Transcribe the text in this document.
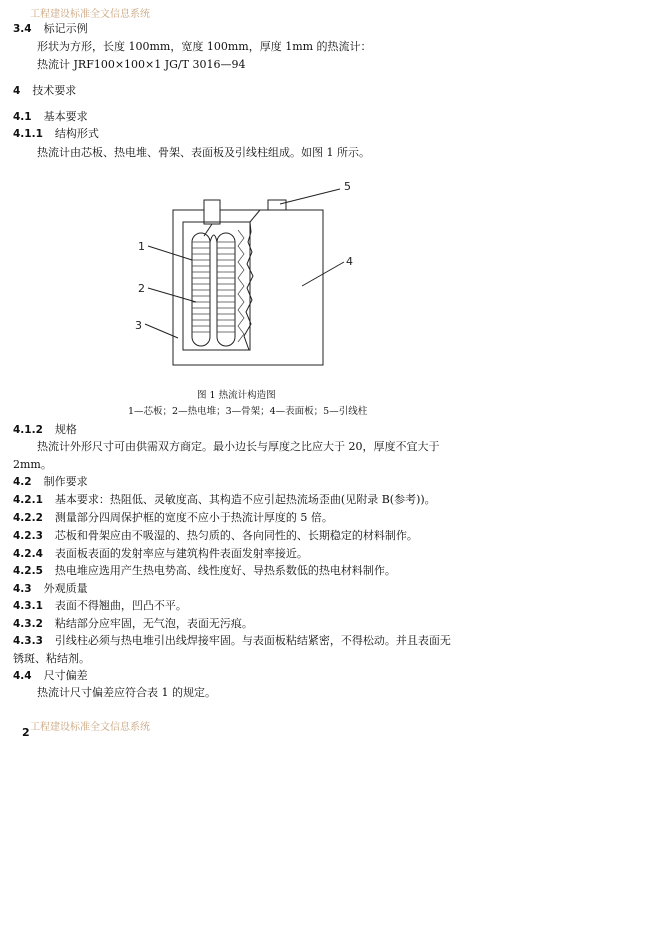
工程建设标准全文信息系统
3.4 标记示例
形状为方形，长度 100mm，宽度 100mm，厚度 1mm 的热流计：
热流计 JRF100×100×1 JG/T 3016—94
4 技术要求
4.1 基本要求
4.1.1 结构形式
热流计由芯板、热电堆、骨架、表面板及引线柱组成。如图 1 所示。
1
2
3
4
5
图 1 热流计构造图
1—芯板；2—热电堆；3—骨架；4—表面板；5—引线柱
4.1.2 规格
热流计外形尺寸可由供需双方商定。最小边长与厚度之比应大于 20，厚度不宜大于
2mm。
4.2 制作要求
4.2.1 基本要求：热阻低、灵敏度高、其构造不应引起热流场歪曲(见附录 B(参考))。
4.2.2 测量部分四周保护框的宽度不应小于热流计厚度的 5 倍。
4.2.3 芯板和骨架应由不吸湿的、热匀质的、各向同性的、长期稳定的材料制作。
4.2.4 表面板表面的发射率应与建筑构件表面发射率接近。
4.2.5 热电堆应选用产生热电势高、线性度好、导热系数低的热电材料制作。
4.3 外观质量
4.3.1 表面不得翘曲，凹凸不平。
4.3.2 粘结部分应牢固，无气泡，表面无污痕。
4.3.3 引线柱必须与热电堆引出线焊接牢固。与表面板粘结紧密，不得松动。并且表面无
锈斑、粘结剂。
4.4 尺寸偏差
热流计尺寸偏差应符合表 1 的规定。
2 工程建设标准全文信息系统
